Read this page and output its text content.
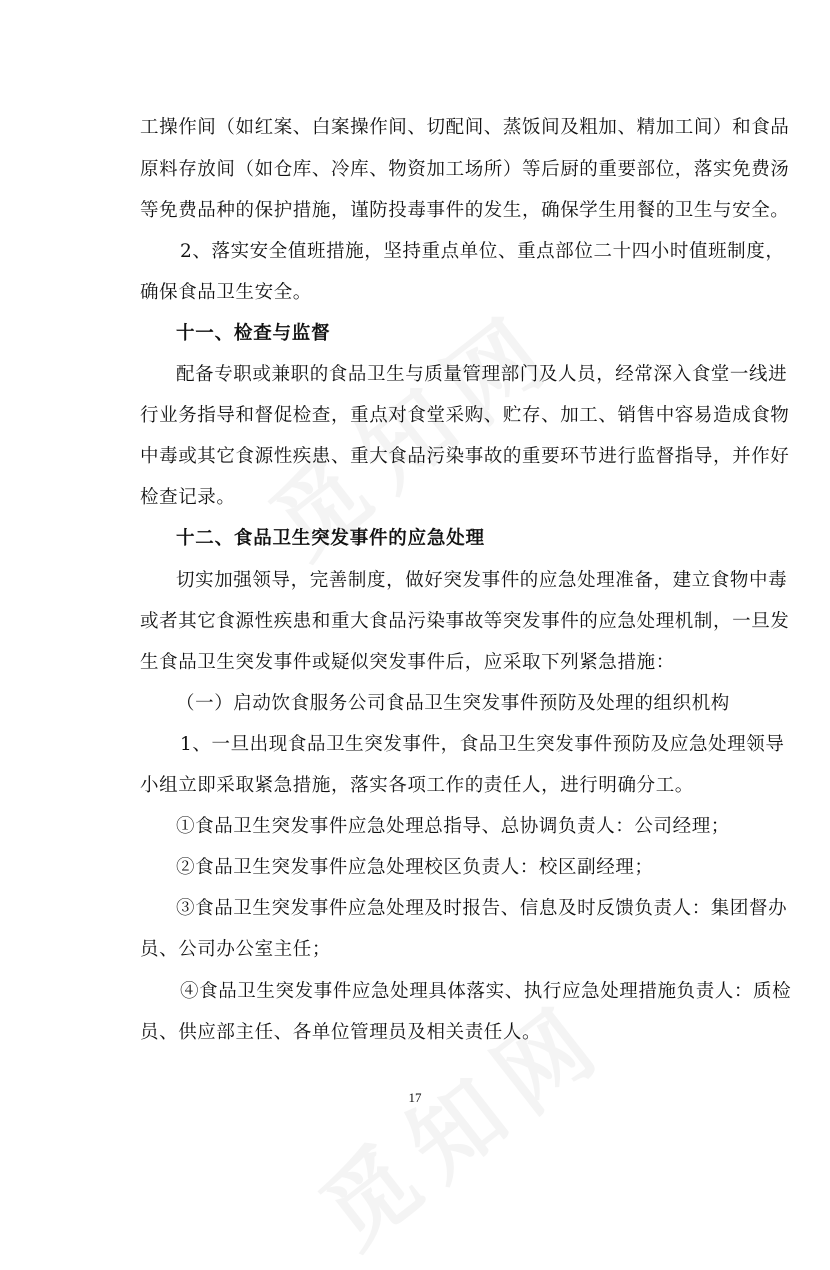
工操作间（如红案、白案操作间、切配间、蒸饭间及粗加、精加工间）和食品

原料存放间（如仓库、冷库、物资加工场所）等后厨的重要部位，落实免费汤

等免费品种的保护措施，谨防投毒事件的发生，确保学生用餐的卫生与安全。

2、落实安全值班措施，坚持重点单位、重点部位二十四小时值班制度，

确保食品卫生安全。

十一、检查与监督

配备专职或兼职的食品卫生与质量管理部门及人员，经常深入食堂一线进

行业务指导和督促检查，重点对食堂采购、贮存、加工、销售中容易造成食物

中毒或其它食源性疾患、重大食品污染事故的重要环节进行监督指导，并作好

检查记录。

十二、食品卫生突发事件的应急处理

切实加强领导，完善制度，做好突发事件的应急处理准备，建立食物中毒

或者其它食源性疾患和重大食品污染事故等突发事件的应急处理机制，一旦发

生食品卫生突发事件或疑似突发事件后，应采取下列紧急措施：

（一）启动饮食服务公司食品卫生突发事件预防及处理的组织机构

1、一旦出现食品卫生突发事件，食品卫生突发事件预防及应急处理领导

小组立即采取紧急措施，落实各项工作的责任人，进行明确分工。

①食品卫生突发事件应急处理总指导、总协调负责人：公司经理；

②食品卫生突发事件应急处理校区负责人：校区副经理；

③食品卫生突发事件应急处理及时报告、信息及时反馈负责人：集团督办

员、公司办公室主任；

④食品卫生突发事件应急处理具体落实、执行应急处理措施负责人：质检

员、供应部主任、各单位管理员及相关责任人。

17
